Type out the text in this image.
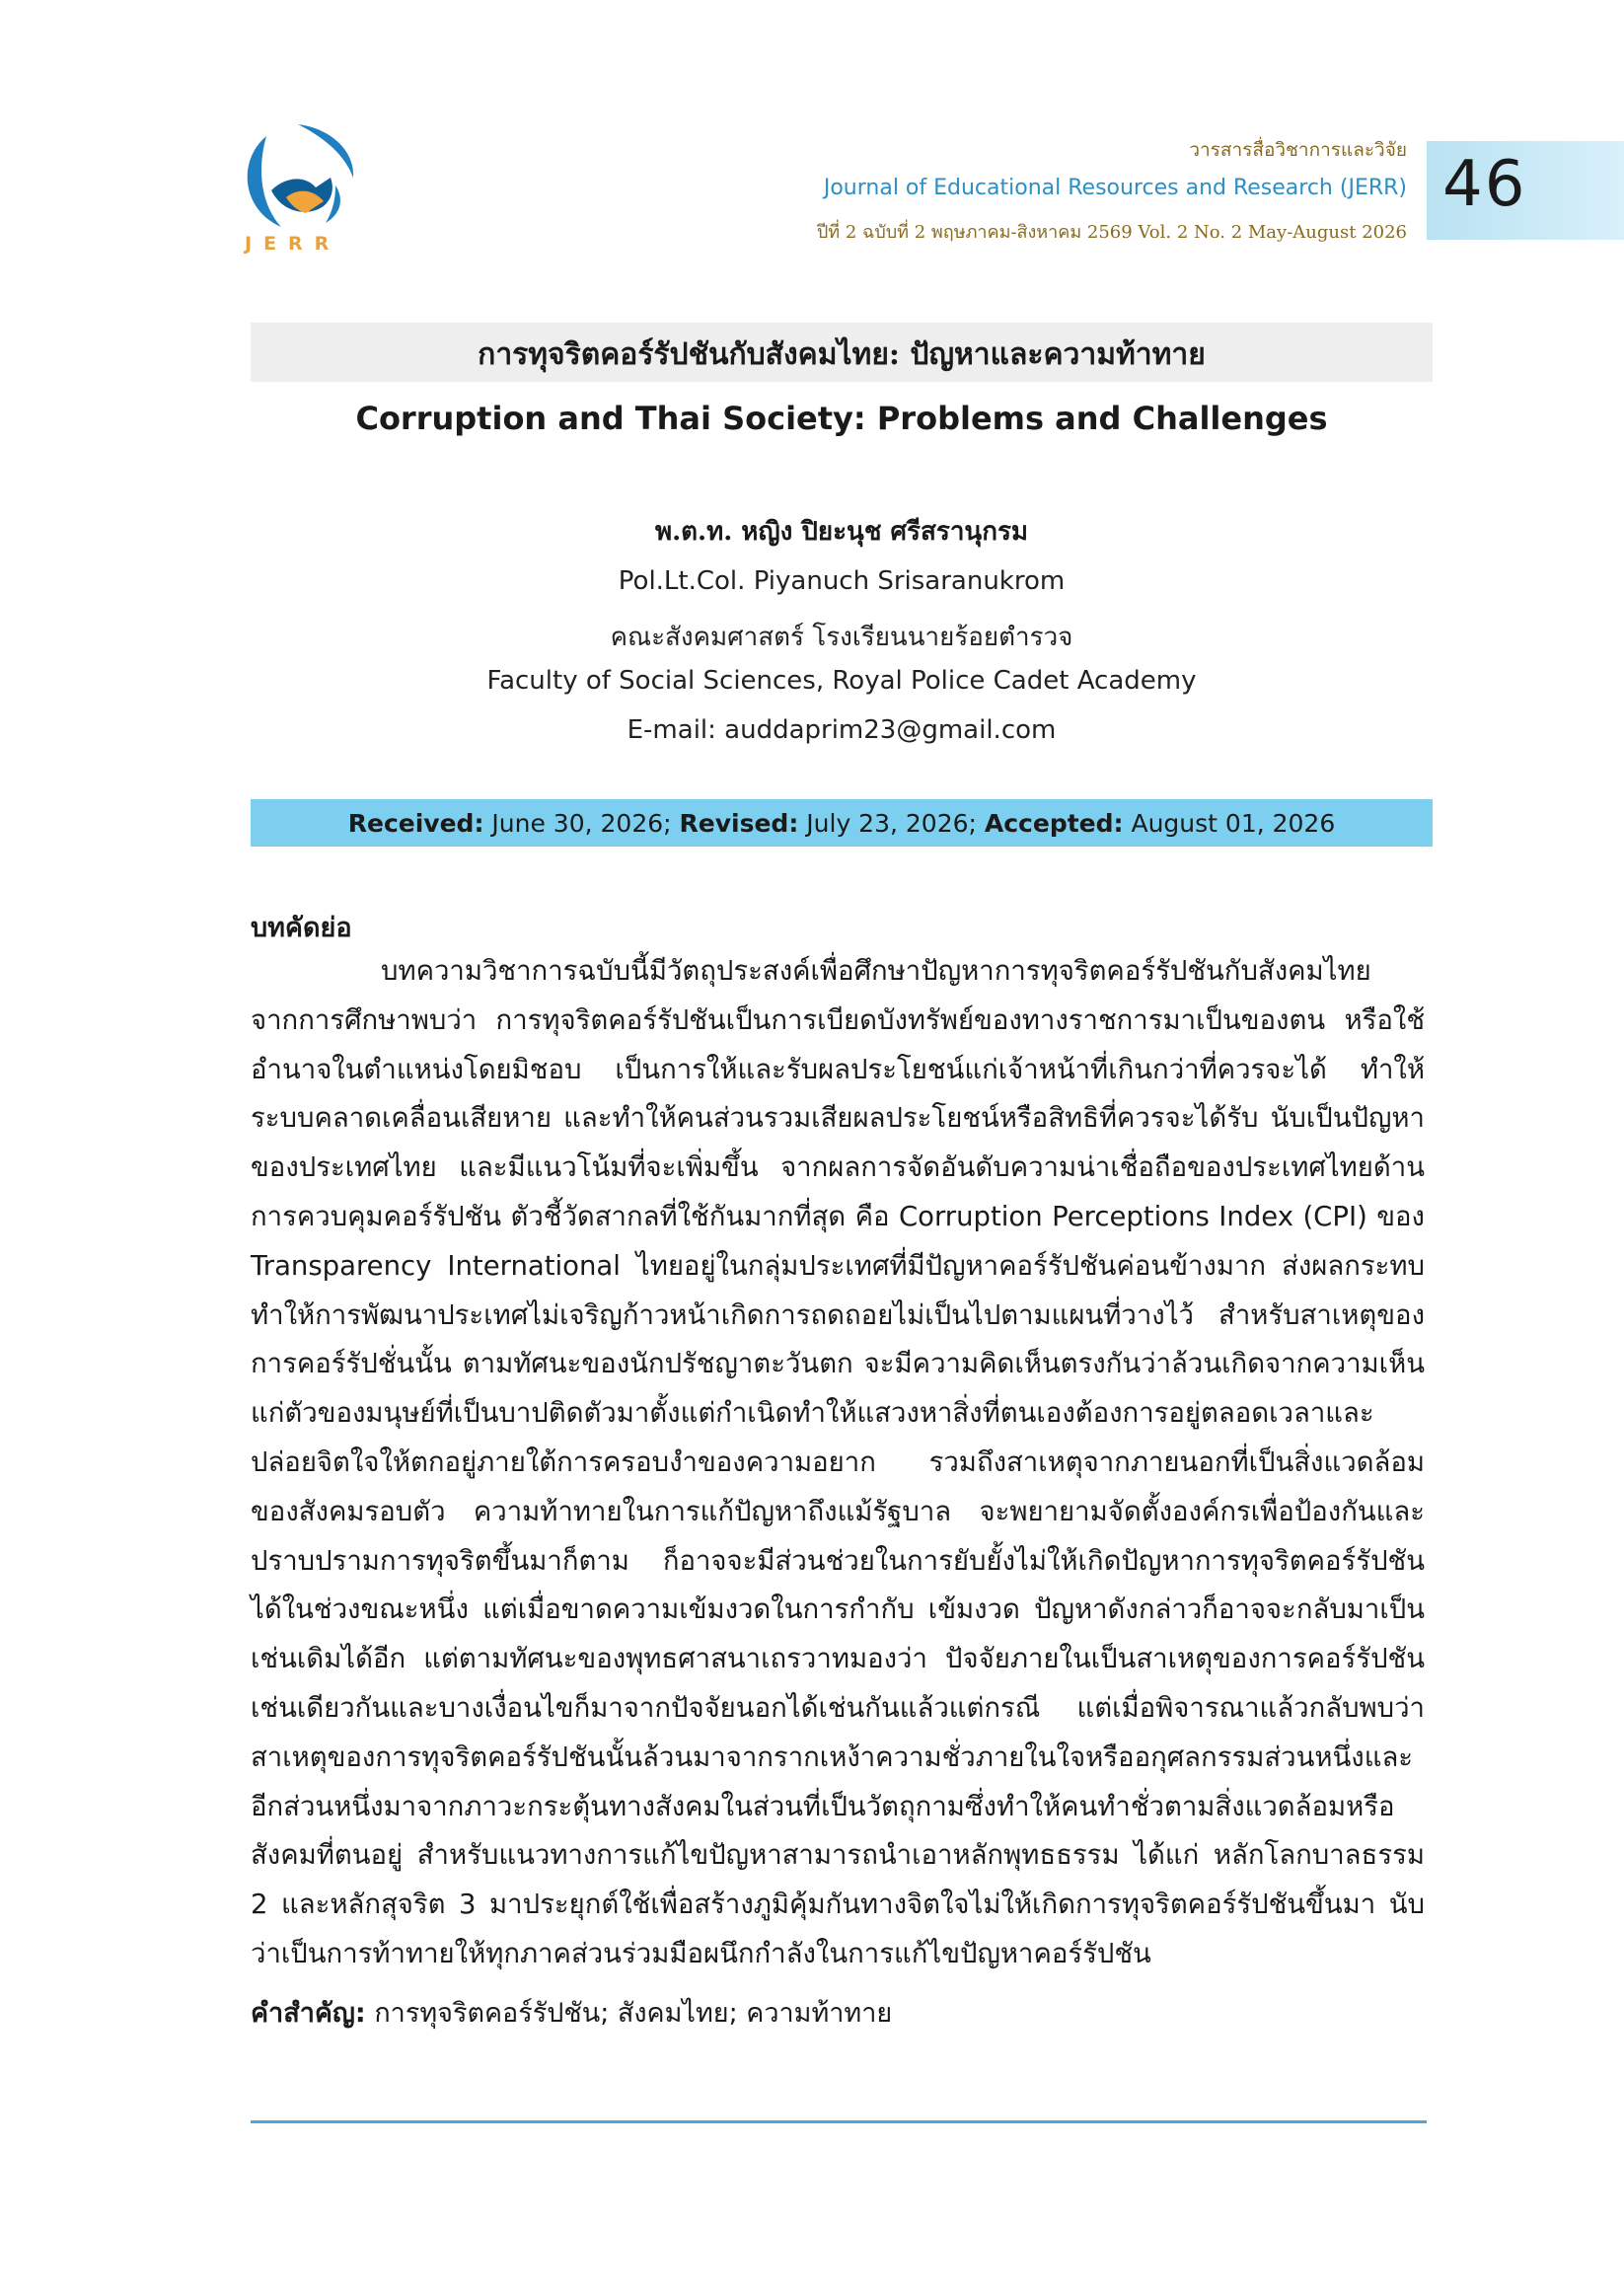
JERR
วารสารสื่อวิชาการและวิจัย
Journal of Educational Resources and Research (JERR)
ปีที่ 2 ฉบับที่ 2 พฤษภาคม-สิงหาคม 2569 Vol. 2 No. 2 May-August 2026
46
การทุจริตคอร์รัปชันกับสังคมไทย: ปัญหาและความท้าทาย
Corruption and Thai Society: Problems and Challenges
พ.ต.ท. หญิง ปิยะนุช ศรีสรานุกรม
Pol.Lt.Col. Piyanuch Srisaranukrom
คณะสังคมศาสตร์ โรงเรียนนายร้อยตำรวจ
Faculty of Social Sciences, Royal Police Cadet Academy
E-mail: auddaprim23@gmail.com
Received: June 30, 2026; Revised: July 23, 2026; Accepted: August 01, 2026
บทคัดย่อ
บทความวิชาการฉบับนี้มีวัตถุประสงค์เพื่อศึกษาปัญหาการทุจริตคอร์รัปชันกับสังคมไทย จากการศึกษาพบว่า การทุจริตคอร์รัปชันเป็นการเบียดบังทรัพย์ของทางราชการมาเป็นของตน หรือใช้อำนาจในตำแหน่งโดยมิชอบ เป็นการให้และรับผลประโยชน์แก่เจ้าหน้าที่เกินกว่าที่ควรจะได้ ทำให้ระบบคลาดเคลื่อนเสียหาย และทำให้คนส่วนรวมเสียผลประโยชน์หรือสิทธิที่ควรจะได้รับ นับเป็นปัญหาของประเทศไทย และมีแนวโน้มที่จะเพิ่มขึ้น จากผลการจัดอันดับความน่าเชื่อถือของประเทศไทยด้านการควบคุมคอร์รัปชัน ตัวชี้วัดสากลที่ใช้กันมากที่สุด คือ Corruption Perceptions Index (CPI) ของ Transparency International ไทยอยู่ในกลุ่มประเทศที่มีปัญหาคอร์รัปชันค่อนข้างมาก ส่งผลกระทบทำให้การพัฒนาประเทศไม่เจริญก้าวหน้าเกิดการถดถอยไม่เป็นไปตามแผนที่วางไว้ สำหรับสาเหตุของการคอร์รัปชั่นนั้น ตามทัศนะของนักปรัชญาตะวันตก จะมีความคิดเห็นตรงกันว่าล้วนเกิดจากความเห็นแก่ตัวของมนุษย์ที่เป็นบาปติดตัวมาตั้งแต่กำเนิดทำให้แสวงหาสิ่งที่ตนเองต้องการอยู่ตลอดเวลาและปล่อยจิตใจให้ตกอยู่ภายใต้การครอบงำของความอยาก รวมถึงสาเหตุจากภายนอกที่เป็นสิ่งแวดล้อมของสังคมรอบตัว ความท้าทายในการแก้ปัญหาถึงแม้รัฐบาล จะพยายามจัดตั้งองค์กรเพื่อป้องกันและปราบปรามการทุจริตขึ้นมาก็ตาม ก็อาจจะมีส่วนช่วยในการยับยั้งไม่ให้เกิดปัญหาการทุจริตคอร์รัปชันได้ในช่วงขณะหนึ่ง แต่เมื่อขาดความเข้มงวดในการกำกับ เข้มงวด ปัญหาดังกล่าวก็อาจจะกลับมาเป็นเช่นเดิมได้อีก แต่ตามทัศนะของพุทธศาสนาเถรวาทมองว่า ปัจจัยภายในเป็นสาเหตุของการคอร์รัปชันเช่นเดียวกันและบางเงื่อนไขก็มาจากปัจจัยนอกได้เช่นกันแล้วแต่กรณี แต่เมื่อพิจารณาแล้วกลับพบว่าสาเหตุของการทุจริตคอร์รัปชันนั้นล้วนมาจากรากเหง้าความชั่วภายในใจหรืออกุศลกรรมส่วนหนึ่งและอีกส่วนหนึ่งมาจากภาวะกระตุ้นทางสังคมในส่วนที่เป็นวัตถุกามซึ่งทำให้คนทำชั่วตามสิ่งแวดล้อมหรือสังคมที่ตนอยู่ สำหรับแนวทางการแก้ไขปัญหาสามารถนำเอาหลักพุทธธรรม ได้แก่ หลักโลกบาลธรรม 2 และหลักสุจริต 3 มาประยุกต์ใช้เพื่อสร้างภูมิคุ้มกันทางจิตใจไม่ให้เกิดการทุจริตคอร์รัปชันขึ้นมา นับว่าเป็นการท้าทายให้ทุกภาคส่วนร่วมมือผนึกกำลังในการแก้ไขปัญหาคอร์รัปชัน
คำสำคัญ: การทุจริตคอร์รัปชัน; สังคมไทย; ความท้าทาย
